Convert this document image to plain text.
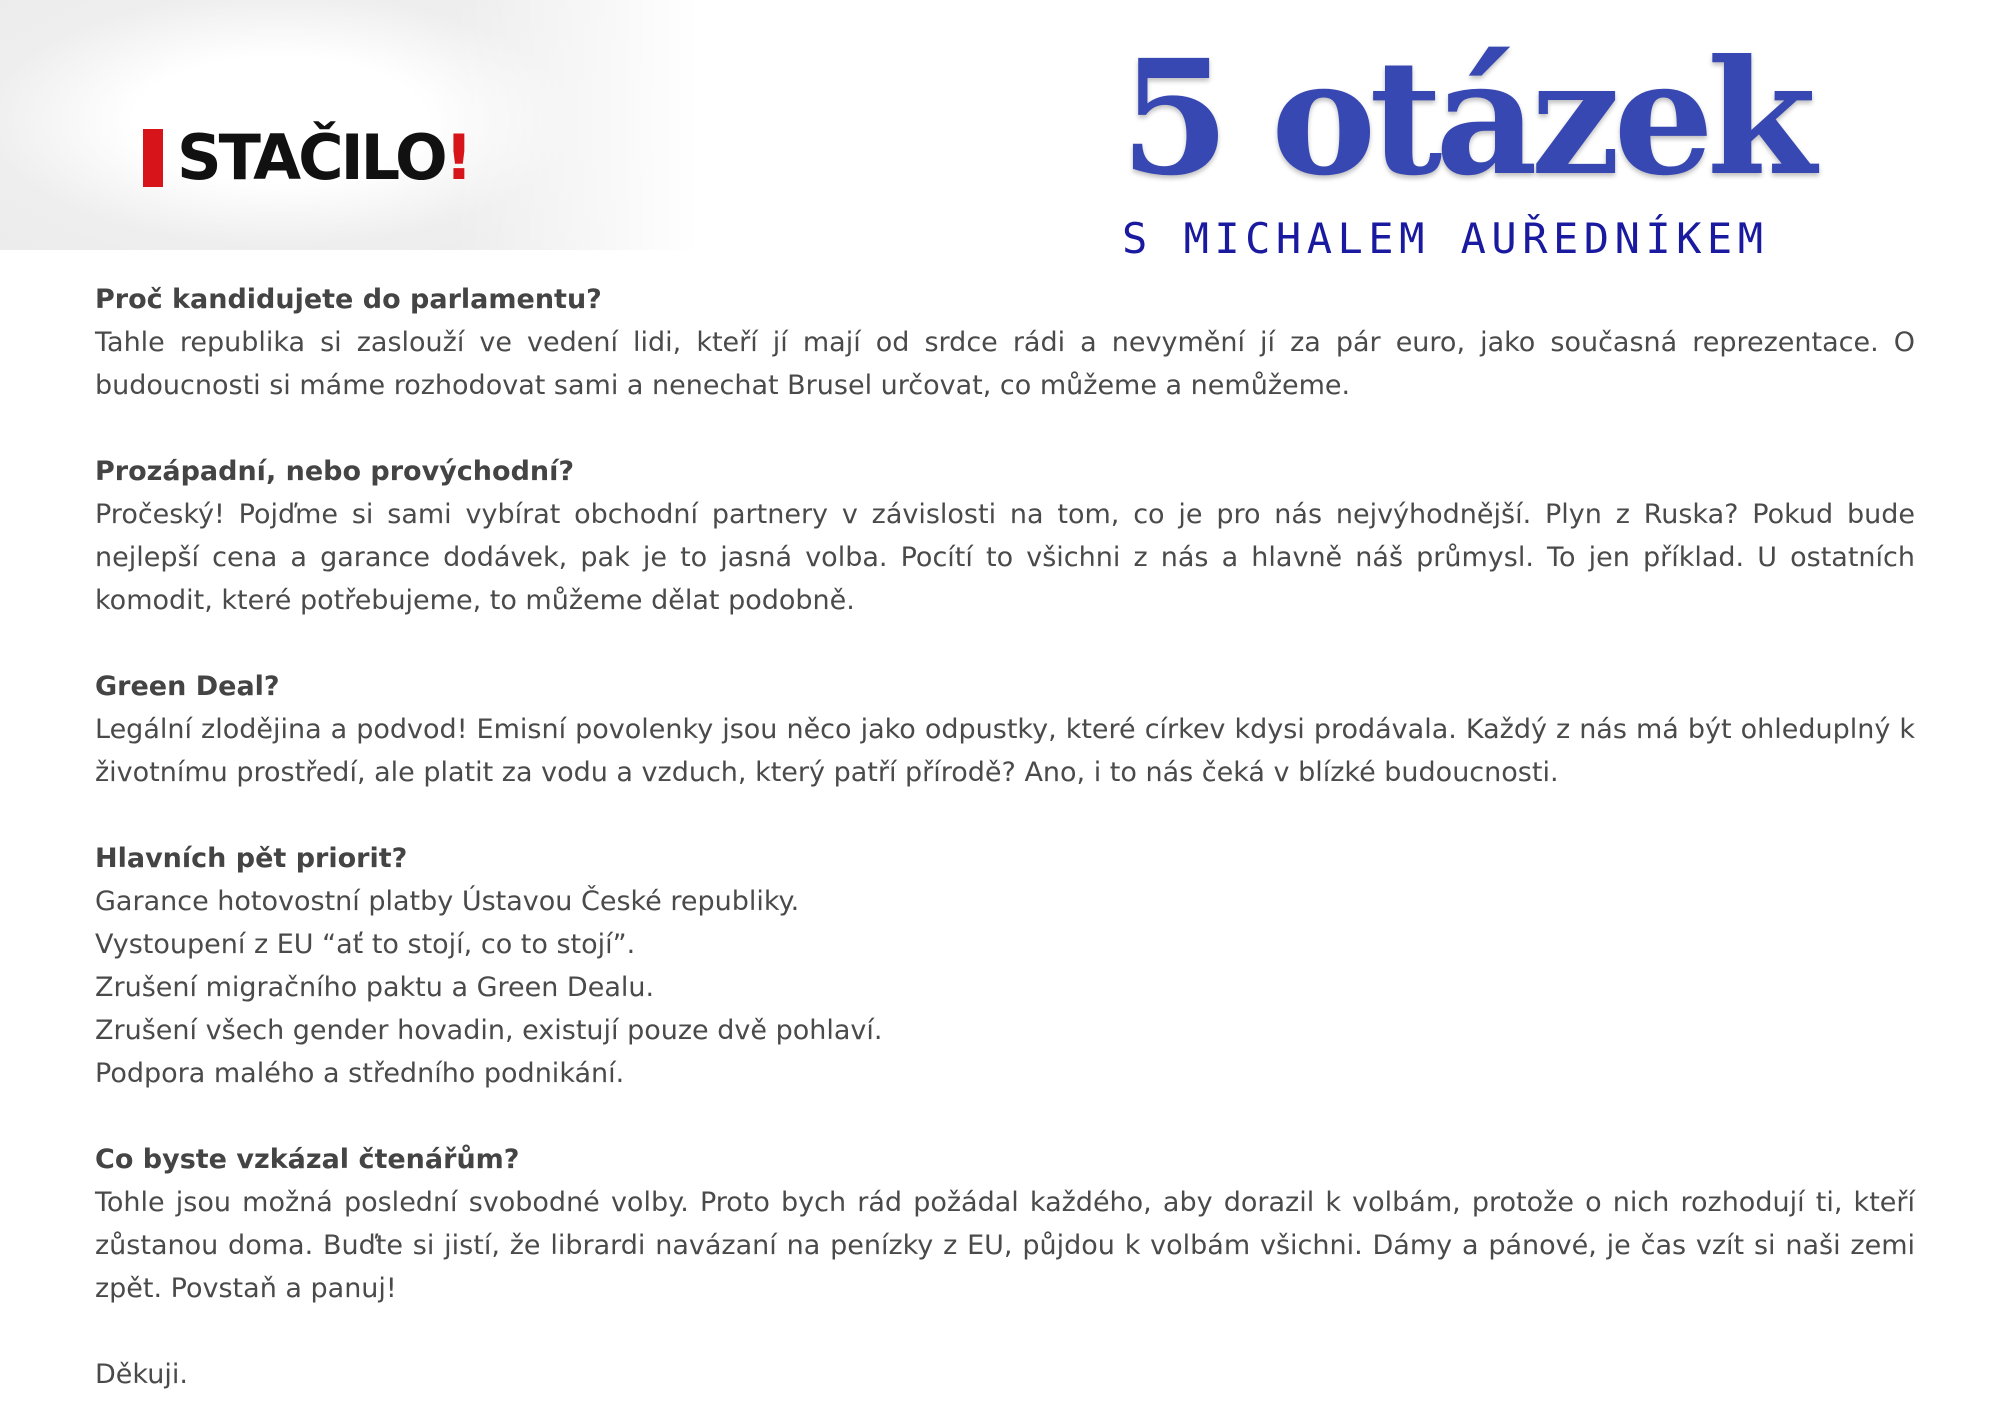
STAČILO !	5 otázek
S MICHALEM AUŘEDNÍKEM

Proč kandidujete do parlamentu?

Tahle republika si zaslouží ve vedení lidi, kteří jí mají od srdce rádi a nevymění jí za pár euro, jako současná reprezentace. O budoucnosti si máme rozhodovat sami a nenechat Brusel určovat, co můžeme a nemůžeme.

Prozápadní, nebo provýchodní?

Pročeský! Pojďme si sami vybírat obchodní partnery v závislosti na tom, co je pro nás nejvýhodnější. Plyn z Ruska? Pokud bude nejlepší cena a garance dodávek, pak je to jasná volba. Pocítí to všichni z nás a hlavně náš průmysl. To jen příklad. U ostatních komodit, které potřebujeme, to můžeme dělat podobně.

Green Deal?

Legální zlodějina a podvod! Emisní povolenky jsou něco jako odpustky, které církev kdysi prodávala. Každý z nás má být ohleduplný k životnímu prostředí, ale platit za vodu a vzduch, který patří přírodě? Ano, i to nás čeká v blízké budoucnosti.

Hlavních pět priorit?

Garance hotovostní platby Ústavou České republiky.

Vystoupení z EU “ať to stojí, co to stojí”.

Zrušení migračního paktu a Green Dealu.

Zrušení všech gender hovadin, existují pouze dvě pohlaví.

Podpora malého a středního podnikání.

Co byste vzkázal čtenářům?

Tohle jsou možná poslední svobodné volby. Proto bych rád požádal každého, aby dorazil k volbám, protože o nich rozhodují ti, kteří zůstanou doma. Buďte si jistí, že librardi navázaní na penízky z EU, půjdou k volbám všichni. Dámy a pánové, je čas vzít si naši zemi zpět. Povstaň a panuj!

Děkuji.
